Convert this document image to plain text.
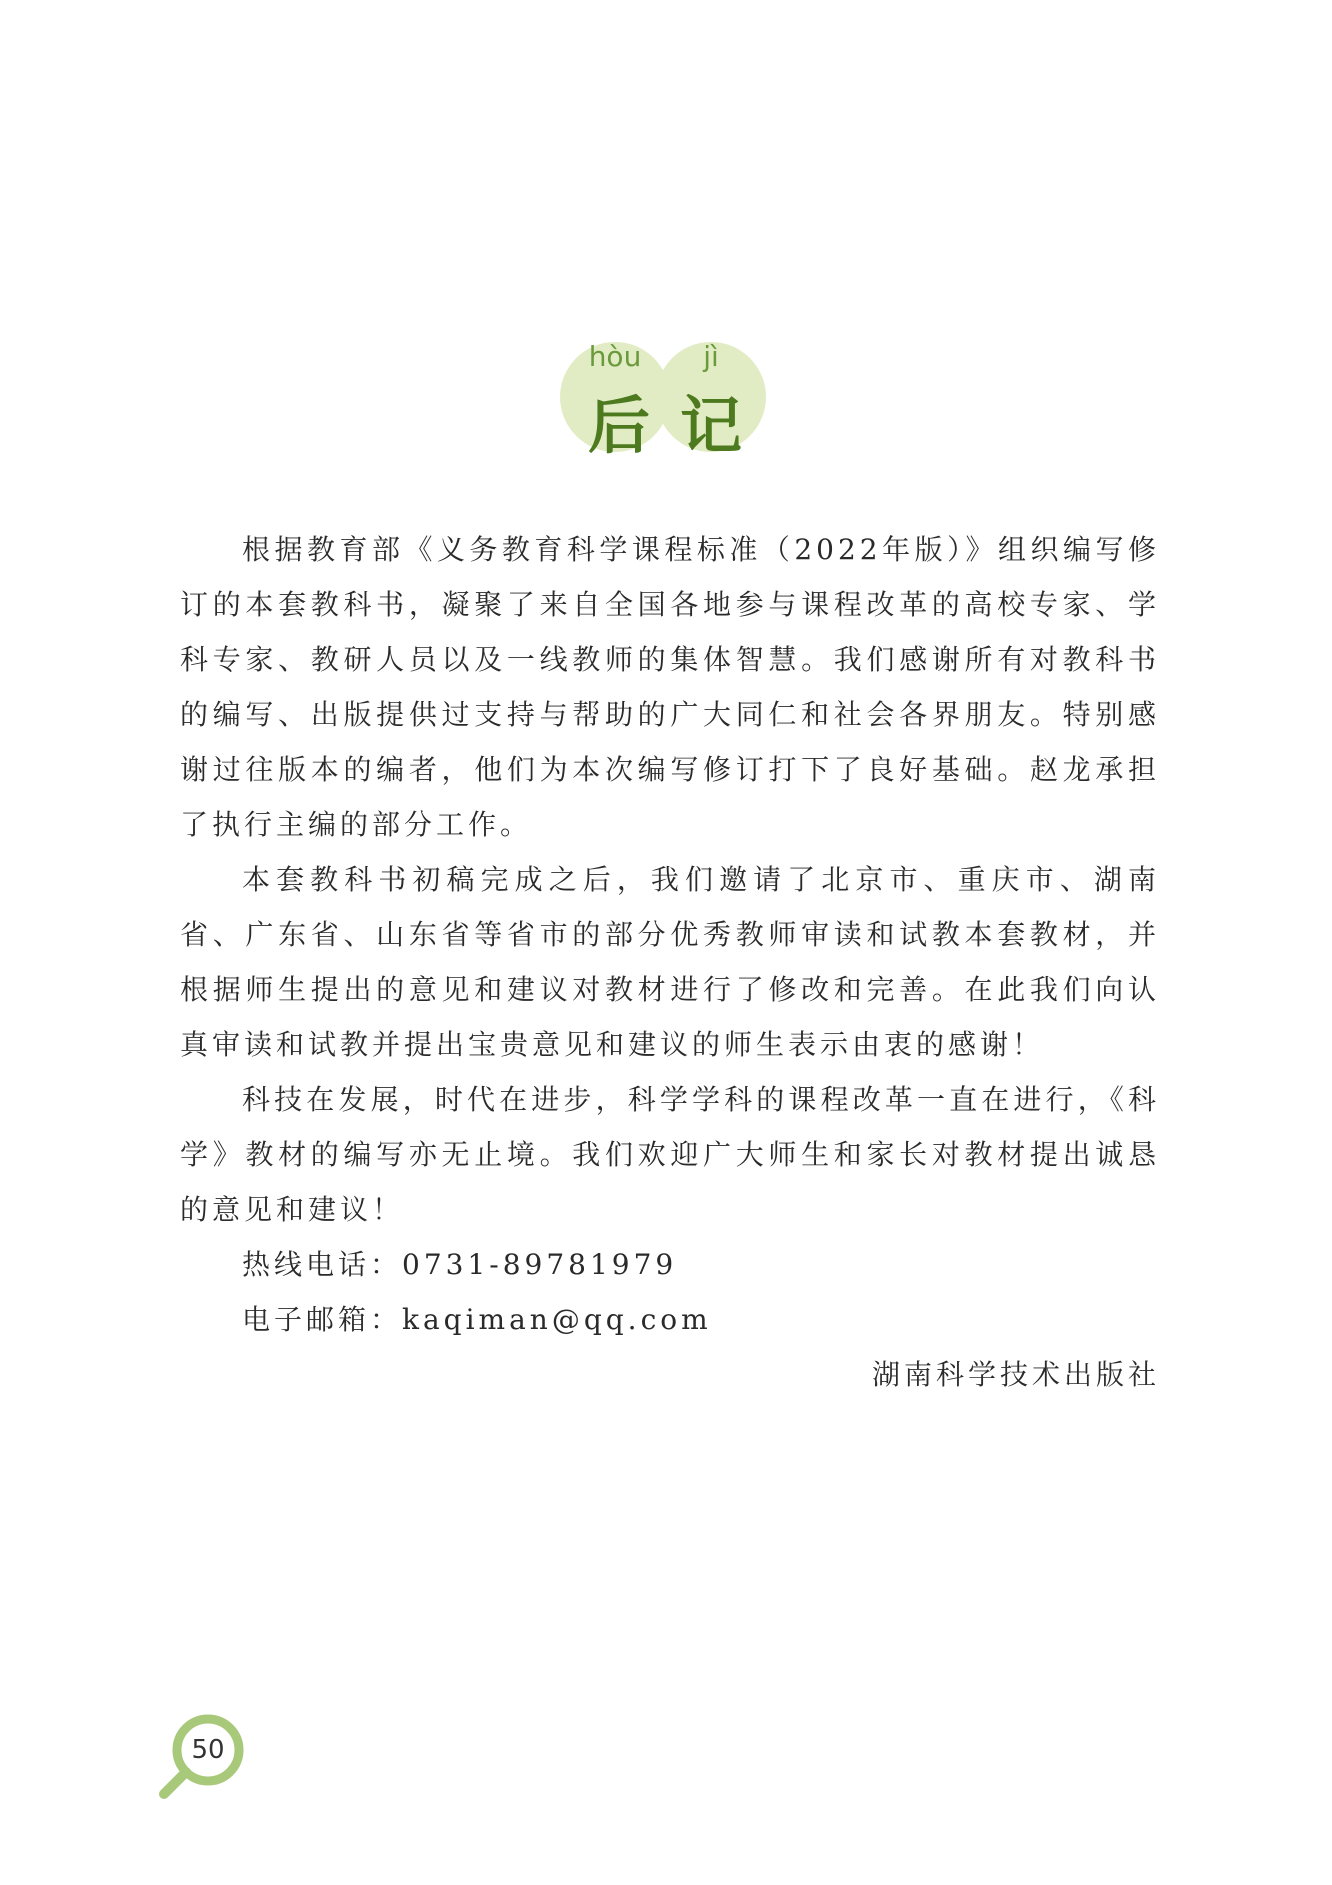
hòu	jì
后 记

根据教育部《义务教育科学课程标准（2022年版）》组织编写修订的本套教科书，凝聚了来自全国各地参与课程改革的高校专家、学科专家、教研人员以及一线教师的集体智慧。我们感谢所有对教科书的编写、出版提供过支持与帮助的广大同仁和社会各界朋友。特别感谢过往版本的编者，他们为本次编写修订打下了良好基础。赵龙承担了执行主编的部分工作。

本套教科书初稿完成之后，我们邀请了北京市、重庆市、湖南省、广东省、山东省等省市的部分优秀教师审读和试教本套教材，并根据师生提出的意见和建议对教材进行了修改和完善。在此我们向认真审读和试教并提出宝贵意见和建议的师生表示由衷的感谢！

科技在发展，时代在进步，科学学科的课程改革一直在进行，《科学》教材的编写亦无止境。我们欢迎广大师生和家长对教材提出诚恳的意见和建议！

热线电话：0731-89781979
电子邮箱：kaqiman@qq.com
湖南科学技术出版社
50
